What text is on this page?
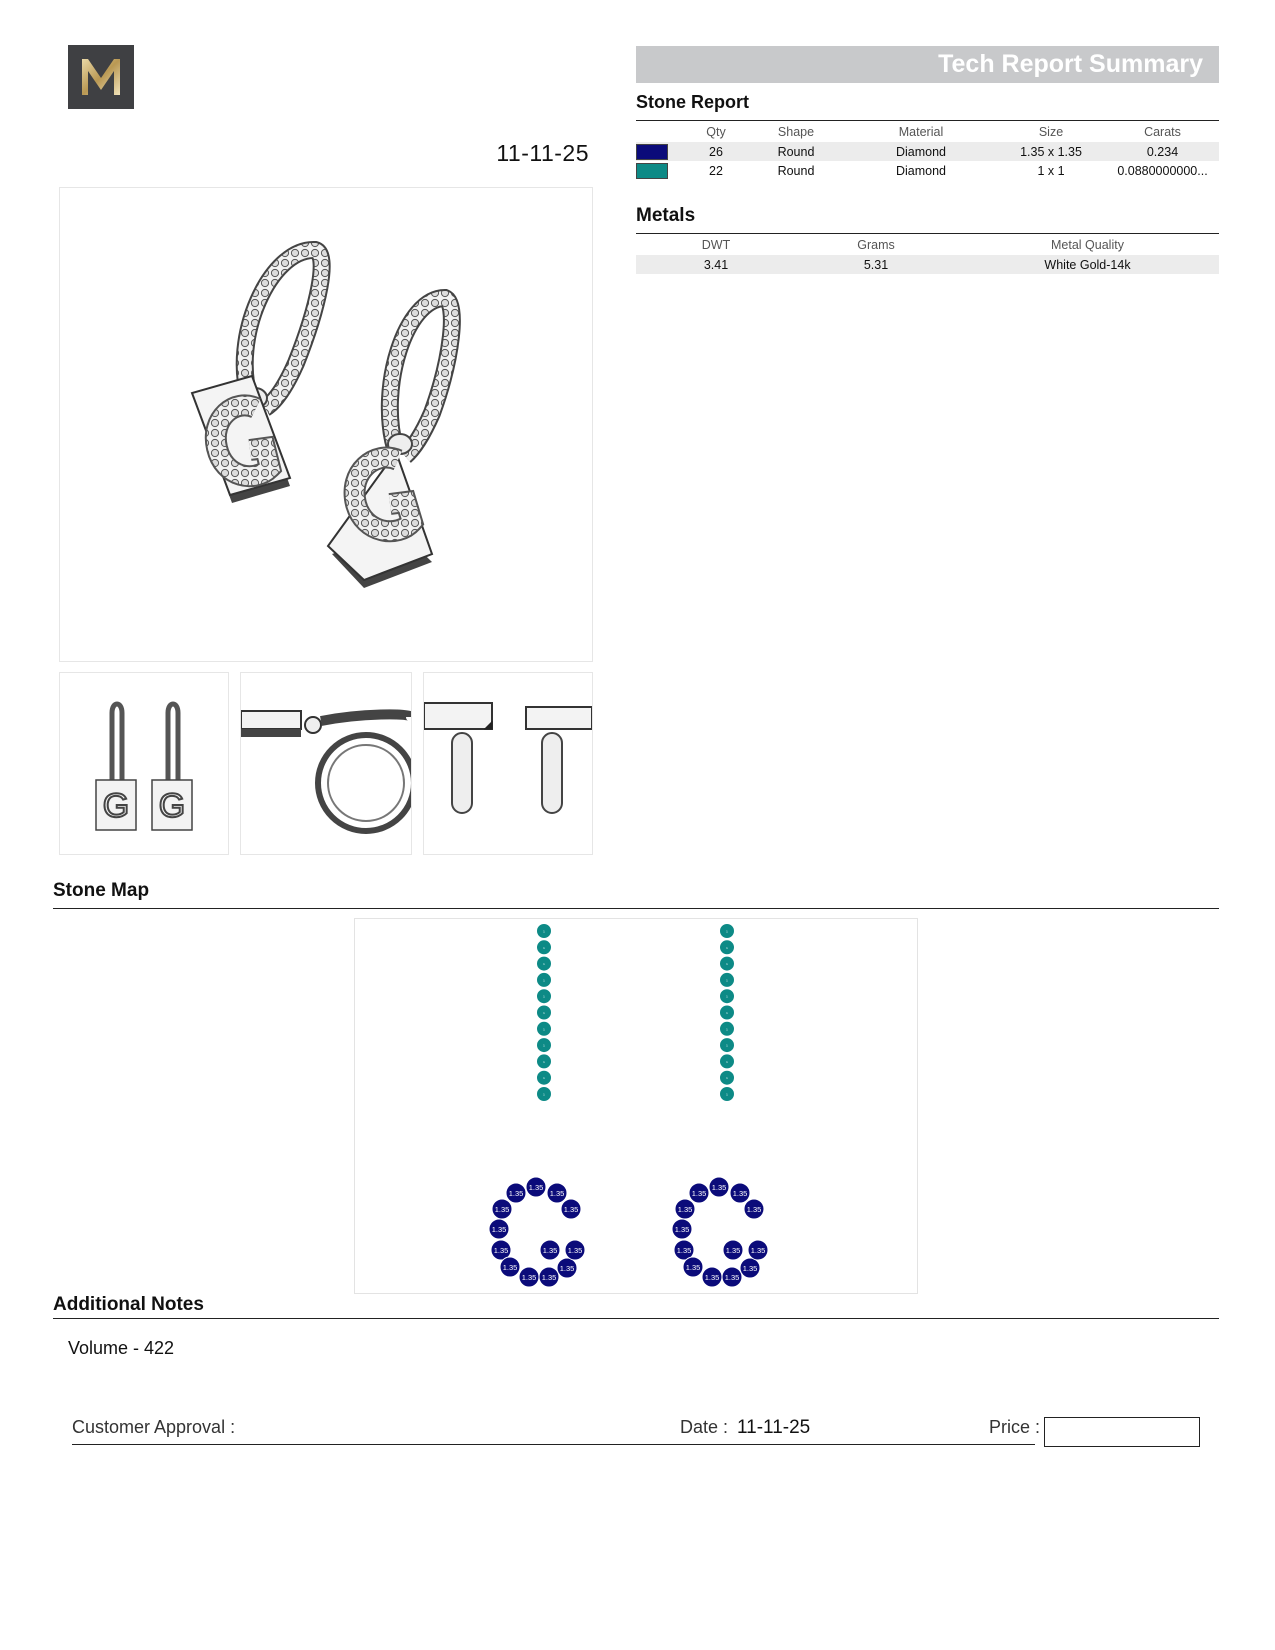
11-11-25
G G
Tech Report Summary
Stone Report
	Qty	Shape	Material	Size	Carats

	26	Round	Diamond	1.35 x 1.35	0.234

	22	Round	Diamond	1 x 1	0.0880000000...
Metals
DWT	Grams	Metal Quality
3.41	5.31	White Gold-14k
Stone Map
1
1
1
1
1
1
1
1
1
1
1
1
1
1
1
1
1
1
1
1
1
1
1.35
1.35
1.35
1.35
1.35
1.35
1.35
1.35
1.35 1.35
1.35
1.35
1.35
1.35
1.35
1.35
1.35
1.35
1.35
1.35
1.35
1.35 1.35
1.35
1.35
1.35
Additional Notes
Volume - 422
Customer Approval :	Date : 11-11-25	Price :
